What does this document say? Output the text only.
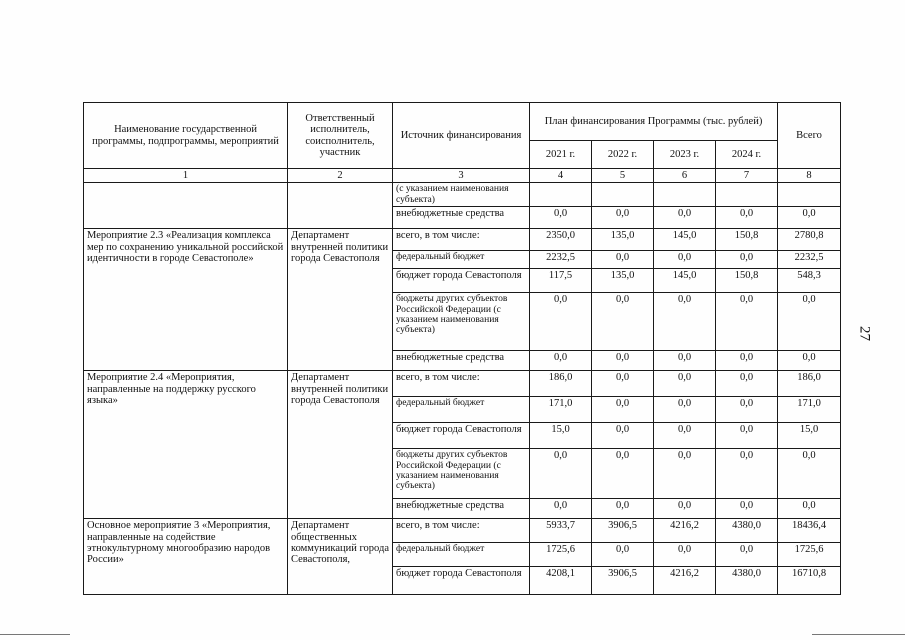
Наименование государственной программы, подпрограммы, мероприятий	Ответственный исполнитель, соисполнитель, участник	Источник финансирования	План финансирования Программы (тыс. рублей)				Всего
			2021 г.	2022 г.	2023 г.	2024 г.	
1	2	3	4	5	6	7	8
		(с указанием наименования субъекта)					
		внебюджетные средства	0,0	0,0	0,0	0,0	0,0
Мероприятие 2.3 «Реализация комплекса мер по сохранению уникальной российской идентичности в городе Севастополе»	Департамент внутренней политики города Севастополя	всего, в том числе:	2350,0	135,0	145,0	150,8	2780,8
		федеральный бюджет	2232,5	0,0	0,0	0,0	2232,5
		бюджет города Севастополя	117,5	135,0	145,0	150,8	548,3
		бюджеты других субъектов Российской Федерации (с указанием наименования субъекта)	0,0	0,0	0,0	0,0	0,0
		внебюджетные средства	0,0	0,0	0,0	0,0	0,0
Мероприятие 2.4 «Мероприятия, направленные на поддержку русского языка»	Департамент внутренней политики города Севастополя	всего, в том числе:	186,0	0,0	0,0	0,0	186,0
		федеральный бюджет	171,0	0,0	0,0	0,0	171,0
		бюджет города Севастополя	15,0	0,0	0,0	0,0	15,0
		бюджеты других субъектов Российской Федерации (с указанием наименования субъекта)	0,0	0,0	0,0	0,0	0,0
		внебюджетные средства	0,0	0,0	0,0	0,0	0,0
Основное мероприятие 3 «Мероприятия, направленные на содействие этнокультурному многообразию народов России»	Департамент общественных коммуникаций города Севастополя,	всего, в том числе:	5933,7	3906,5	4216,2	4380,0	18436,4
		федеральный бюджет	1725,6	0,0	0,0	0,0	1725,6
		бюджет города Севастополя	4208,1	3906,5	4216,2	4380,0	16710,8
27
